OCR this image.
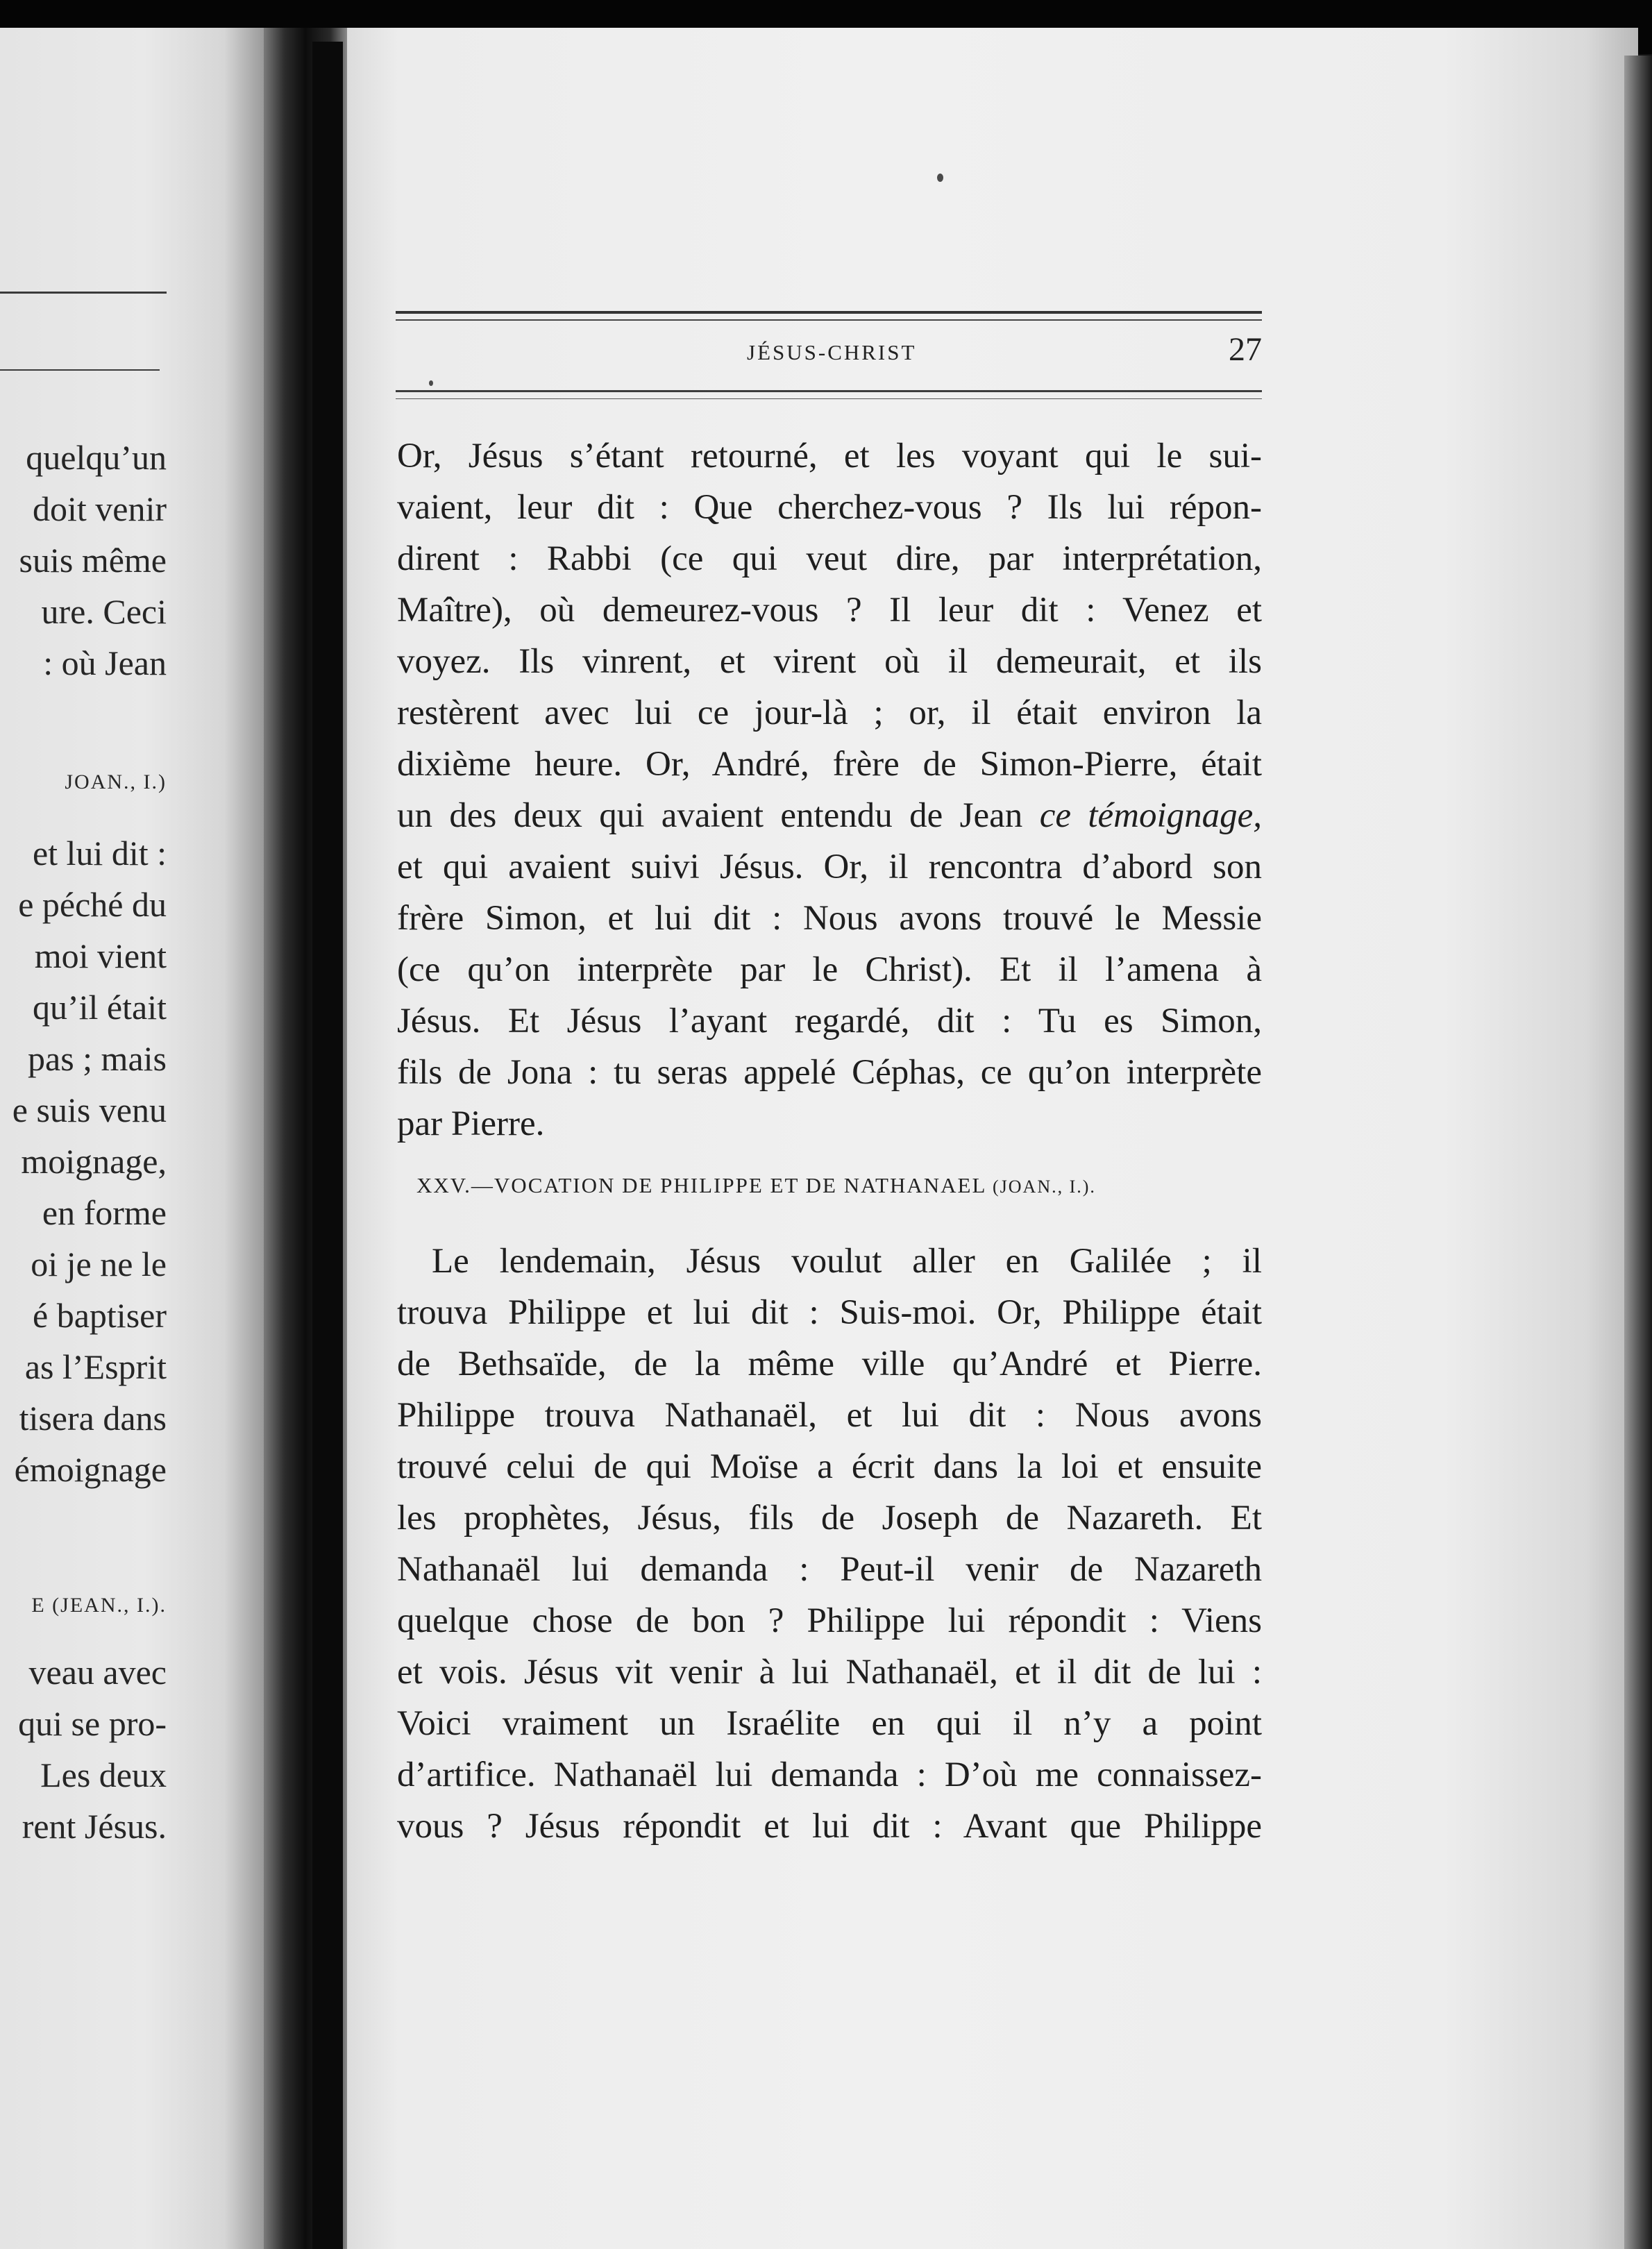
quelqu’un
doit venir
suis même
ure. Ceci
: où Jean
JOAN., I.)
et lui dit :
e péché du
moi vient
qu’il était
pas ; mais
e suis venu
moignage,
en forme
oi je ne le
é baptiser
as l’Esprit
tisera dans
émoignage
E (JEAN., I.).
veau avec
qui se pro-
Les deux
rent Jésus.
JÉSUS-CHRIST	27
Or, Jésus s’étant retourné, et les voyant qui le sui-
vaient, leur dit : Que cherchez-vous ? Ils lui répon-
dirent : Rabbi (ce qui veut dire, par interprétation,
Maître), où demeurez-vous ? Il leur dit : Venez et
voyez. Ils vinrent, et virent où il demeurait, et ils
restèrent avec lui ce jour-là ; or, il était environ la
dixième heure. Or, André, frère de Simon-Pierre, était
un des deux qui avaient entendu de Jean ce témoignage,
et qui avaient suivi Jésus. Or, il rencontra d’abord son
frère Simon, et lui dit : Nous avons trouvé le Messie
(ce qu’on interprète par le Christ). Et il l’amena à
Jésus. Et Jésus l’ayant regardé, dit : Tu es Simon,
fils de Jona : tu seras appelé Céphas, ce qu’on interprète
par Pierre.
XXV.—VOCATION DE PHILIPPE ET DE NATHANAEL (JOAN., I.).
Le lendemain, Jésus voulut aller en Galilée ; il
trouva Philippe et lui dit : Suis-moi. Or, Philippe était
de Bethsaïde, de la même ville qu’André et Pierre.
Philippe trouva Nathanaël, et lui dit : Nous avons
trouvé celui de qui Moïse a écrit dans la loi et ensuite
les prophètes, Jésus, fils de Joseph de Nazareth. Et
Nathanaël lui demanda : Peut-il venir de Nazareth
quelque chose de bon ? Philippe lui répondit : Viens
et vois. Jésus vit venir à lui Nathanaël, et il dit de lui :
Voici vraiment un Israélite en qui il n’y a point
d’artifice. Nathanaël lui demanda : D’où me connaissez-
vous ? Jésus répondit et lui dit : Avant que Philippe
